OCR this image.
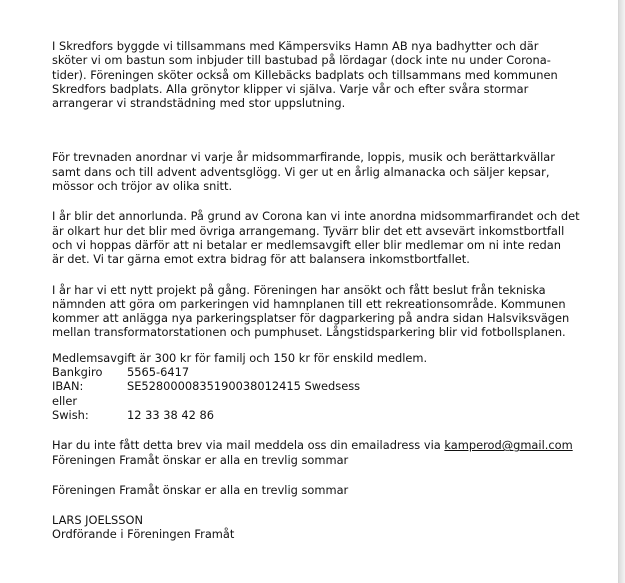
I Skredfors byggde vi tillsammans med Kämpersviks Hamn AB nya badhytter och där
sköter vi om bastun som inbjuder till bastubad på lördagar (dock inte nu under Corona-
tider). Föreningen sköter också om Killebäcks badplats och tillsammans med kommunen
Skredfors badplats. Alla grönytor klipper vi själva. Varje vår och efter svåra stormar
arrangerar vi strandstädning med stor uppslutning.

För trevnaden anordnar vi varje år midsommarfirande, loppis, musik och berättarkvällar
samt dans och till advent adventsglögg. Vi ger ut en årlig almanacka och säljer kepsar,
mössor och tröjor av olika snitt.

I år blir det annorlunda. På grund av Corona kan vi inte anordna midsommarfirandet och det
är olkart hur det blir med övriga arrangemang. Tyvärr blir det ett avsevärt inkomstbortfall
och vi hoppas därför att ni betalar er medlemsavgift eller blir medlemar om ni inte redan
är det. Vi tar gärna emot extra bidrag för att balansera inkomstbortfallet.

I år har vi ett nytt projekt på gång. Föreningen har ansökt och fått beslut från tekniska
nämnden att göra om parkeringen vid hamnplanen till ett rekreationsområde. Kommunen
kommer att anlägga nya parkeringsplatser för dagparkering på andra sidan Halsviksvägen
mellan transformatorstationen och pumphuset. Långstidsparkering blir vid fotbollsplanen.

Medlemsavgift är 300 kr för familj och 150 kr för enskild medlem.
Bankgiro	5565-6417
IBAN:	SE5280000835190038012415 Swedsess
eller
Swish:	12 33 38 42 86
Har du inte fått detta brev via mail meddela oss din emailadress via kamperod@gmail.com
Föreningen Framåt önskar er alla en trevlig sommar
Föreningen Framåt önskar er alla en trevlig sommar
LARS JOELSSON
Ordförande i Föreningen Framåt
